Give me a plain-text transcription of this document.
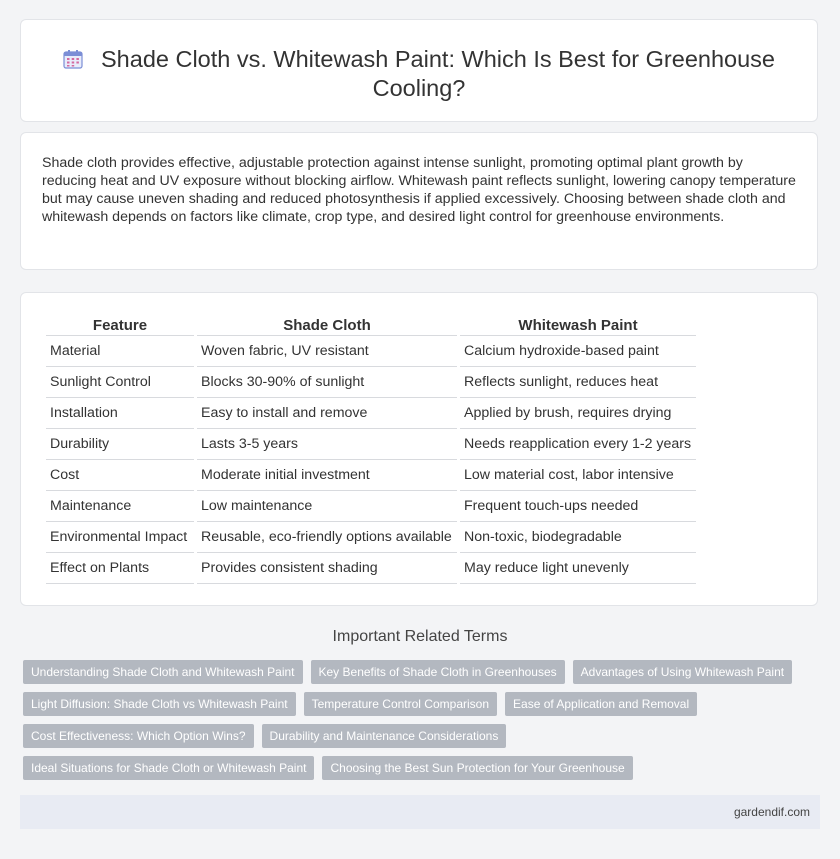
Shade Cloth vs. Whitewash Paint: Which Is Best for Greenhouse Cooling?

Shade cloth provides effective, adjustable protection against intense sunlight, promoting optimal plant growth by reducing heat and UV exposure without blocking airflow. Whitewash paint reflects sunlight, lowering canopy temperature but may cause uneven shading and reduced photosynthesis if applied excessively. Choosing between shade cloth and whitewash depends on factors like climate, crop type, and desired light control for greenhouse environments.

Feature	Shade Cloth	Whitewash Paint
Material	Woven fabric, UV resistant	Calcium hydroxide-based paint
Sunlight Control	Blocks 30-90% of sunlight	Reflects sunlight, reduces heat
Installation	Easy to install and remove	Applied by brush, requires drying
Durability	Lasts 3-5 years	Needs reapplication every 1-2 years
Cost	Moderate initial investment	Low material cost, labor intensive
Maintenance	Low maintenance	Frequent touch-ups needed
Environmental Impact	Reusable, eco-friendly options available	Non-toxic, biodegradable
Effect on Plants	Provides consistent shading	May reduce light unevenly
Important Related Terms
Understanding Shade Cloth and Whitewash Paint	Key Benefits of Shade Cloth in Greenhouses	Advantages of Using Whitewash Paint
Light Diffusion: Shade Cloth vs Whitewash Paint	Temperature Control Comparison	Ease of Application and Removal
Cost Effectiveness: Which Option Wins?	Durability and Maintenance Considerations
Ideal Situations for Shade Cloth or Whitewash Paint	Choosing the Best Sun Protection for Your Greenhouse
gardendif.com
